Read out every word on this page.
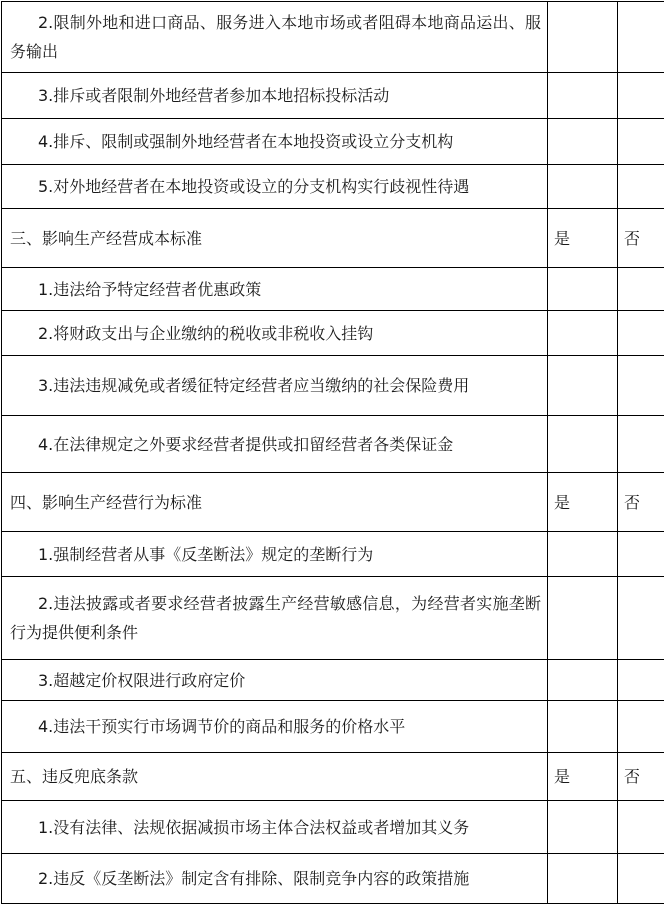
2.限制外地和进口商品、服务进入本地市场或者阻碍本地商品运出、服务输出		
3.排斥或者限制外地经营者参加本地招标投标活动		
4.排斥、限制或强制外地经营者在本地投资或设立分支机构		
5.对外地经营者在本地投资或设立的分支机构实行歧视性待遇		
三、影响生产经营成本标准	是	否
1.违法给予特定经营者优惠政策		
2.将财政支出与企业缴纳的税收或非税收入挂钩		
3.违法违规减免或者缓征特定经营者应当缴纳的社会保险费用		
4.在法律规定之外要求经营者提供或扣留经营者各类保证金		
四、影响生产经营行为标准	是	否
1.强制经营者从事《反垄断法》规定的垄断行为		
2.违法披露或者要求经营者披露生产经营敏感信息，为经营者实施垄断行为提供便利条件		
3.超越定价权限进行政府定价		
4.违法干预实行市场调节价的商品和服务的价格水平		
五、违反兜底条款	是	否
1.没有法律、法规依据减损市场主体合法权益或者增加其义务		
2.违反《反垄断法》制定含有排除、限制竞争内容的政策措施		
